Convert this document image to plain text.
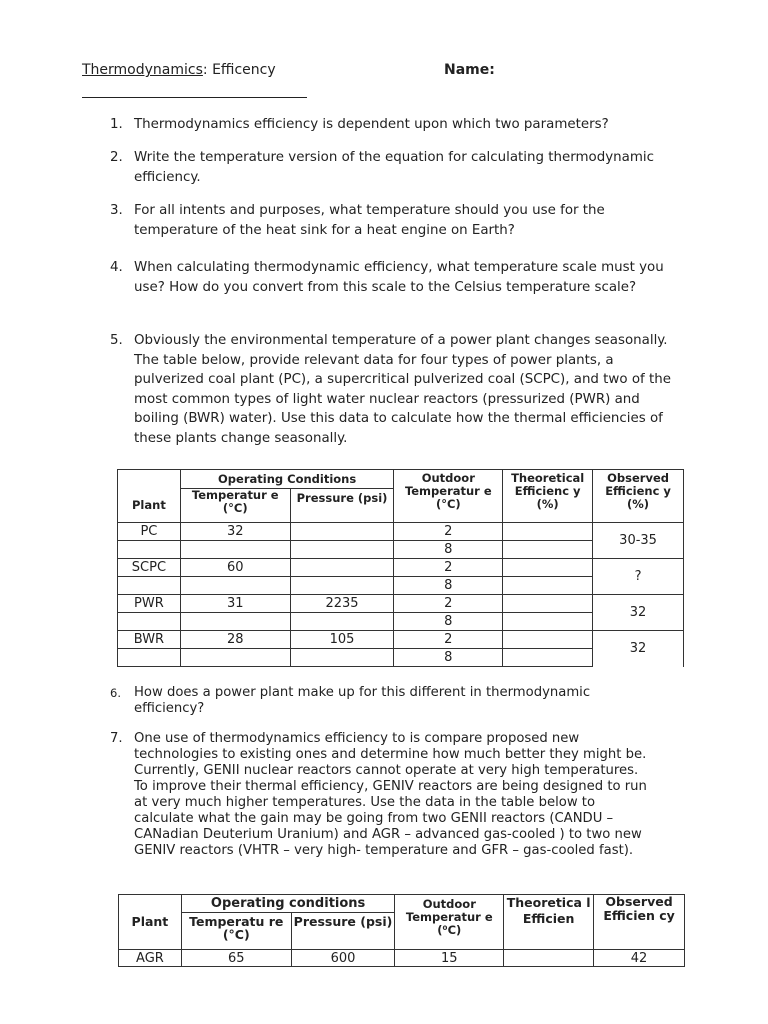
Thermodynamics: Efficency	Name:
1. Thermodynamics efficiency is dependent upon which two parameters?
2. Write the temperature version of the equation for calculating thermodynamic efficiency.
3. For all intents and purposes, what temperature should you use for the temperature of the heat sink for a heat engine on Earth?
4. When calculating thermodynamic efficiency, what temperature scale must you use? How do you convert from this scale to the Celsius temperature scale?
5. Obviously the environmental temperature of a power plant changes seasonally. The table below, provide relevant data for four types of power plants, a pulverized coal plant (PC), a supercritical pulverized coal (SCPC), and two of the most common types of light water nuclear reactors (pressurized (PWR) and boiling (BWR) water). Use this data to calculate how the thermal efficiencies of these plants change seasonally.
	Operating Conditions		Outdoor Temperatur e (°C)	Theoretical Efficienc y (%)	Observed Efficienc y (%)
Plant	Temperatur e (°C)	Pressure (psi)			
PC	32		2		30-35
			8		
SCPC	60		2		?
			8		
PWR	31	2235	2		32
			8		
BWR	28	105	2		32
			8		
6. How does a power plant make up for this different in thermodynamic efficiency?
7. One use of thermodynamics efficiency to is compare proposed new technologies to existing ones and determine how much better they might be. Currently, GENII nuclear reactors cannot operate at very high temperatures. To improve their thermal efficiency, GENIV reactors are being designed to run at very much higher temperatures. Use the data in the table below to calculate what the gain may be going from two GENII reactors (CANDU – CANadian Deuterium Uranium) and AGR – advanced gas-cooled ) to two new GENIV reactors (VHTR – very high- temperature and GFR – gas-cooled fast).
	Operating conditions		Outdoor Temperatur e (⁰C)	Theoretica l Efficien	Observed Efficien cy
Plant	Temperatu re (°C)	Pressure (psi)			
AGR	65	600	15		42
